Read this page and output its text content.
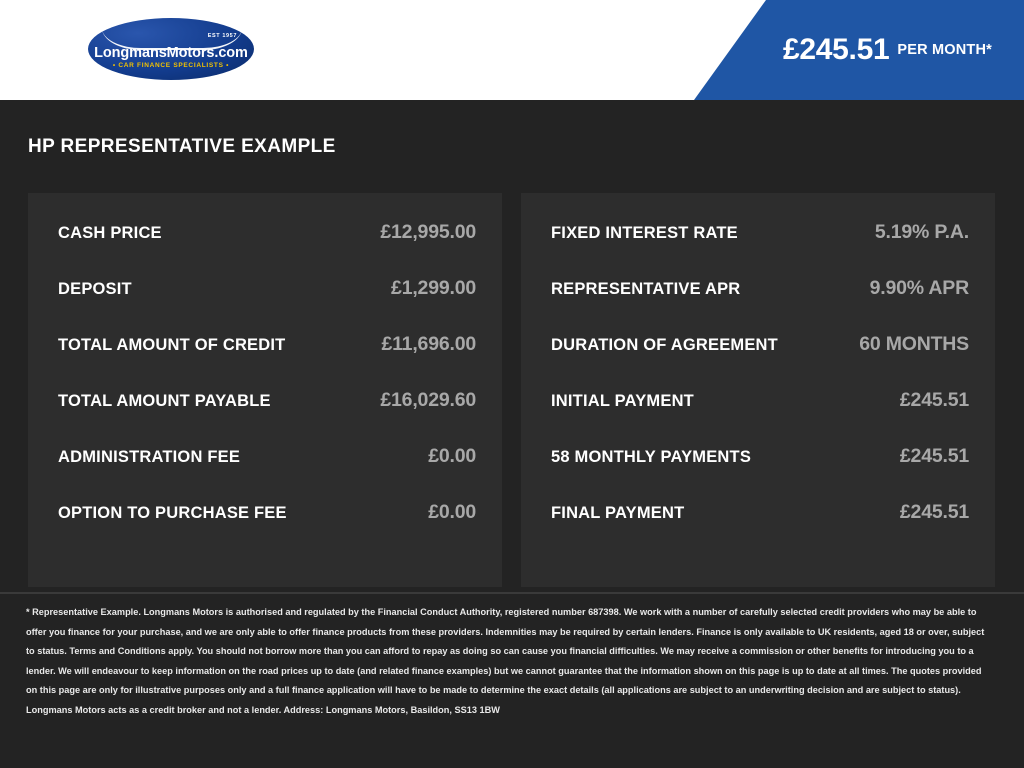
EST 1957
LongmansMotors.com
• CAR FINANCE SPECIALISTS •	£245.51 PER MONTH*
HP REPRESENTATIVE EXAMPLE
CASH PRICE	£12,995.00
DEPOSIT	£1,299.00
TOTAL AMOUNT OF CREDIT	£11,696.00
TOTAL AMOUNT PAYABLE	£16,029.60
ADMINISTRATION FEE	£0.00
OPTION TO PURCHASE FEE	£0.00
FIXED INTEREST RATE	5.19% P.A.
REPRESENTATIVE APR	9.90% APR
DURATION OF AGREEMENT	60 MONTHS
INITIAL PAYMENT	£245.51
58 MONTHLY PAYMENTS	£245.51
FINAL PAYMENT	£245.51
* Representative Example. Longmans Motors is authorised and regulated by the Financial Conduct Authority, registered number 687398. We work with a number of carefully selected credit providers who may be able to offer you finance for your purchase, and we are only able to offer finance products from these providers. Indemnities may be required by certain lenders. Finance is only available to UK residents, aged 18 or over, subject to status. Terms and Conditions apply. You should not borrow more than you can afford to repay as doing so can cause you financial difficulties. We may receive a commission or other benefits for introducing you to a lender. We will endeavour to keep information on the road prices up to date (and related finance examples) but we cannot guarantee that the information shown on this page is up to date at all times. The quotes provided on this page are only for illustrative purposes only and a full finance application will have to be made to determine the exact details (all applications are subject to an underwriting decision and are subject to status). Longmans Motors acts as a credit broker and not a lender. Address: Longmans Motors, Basildon, SS13 1BW
